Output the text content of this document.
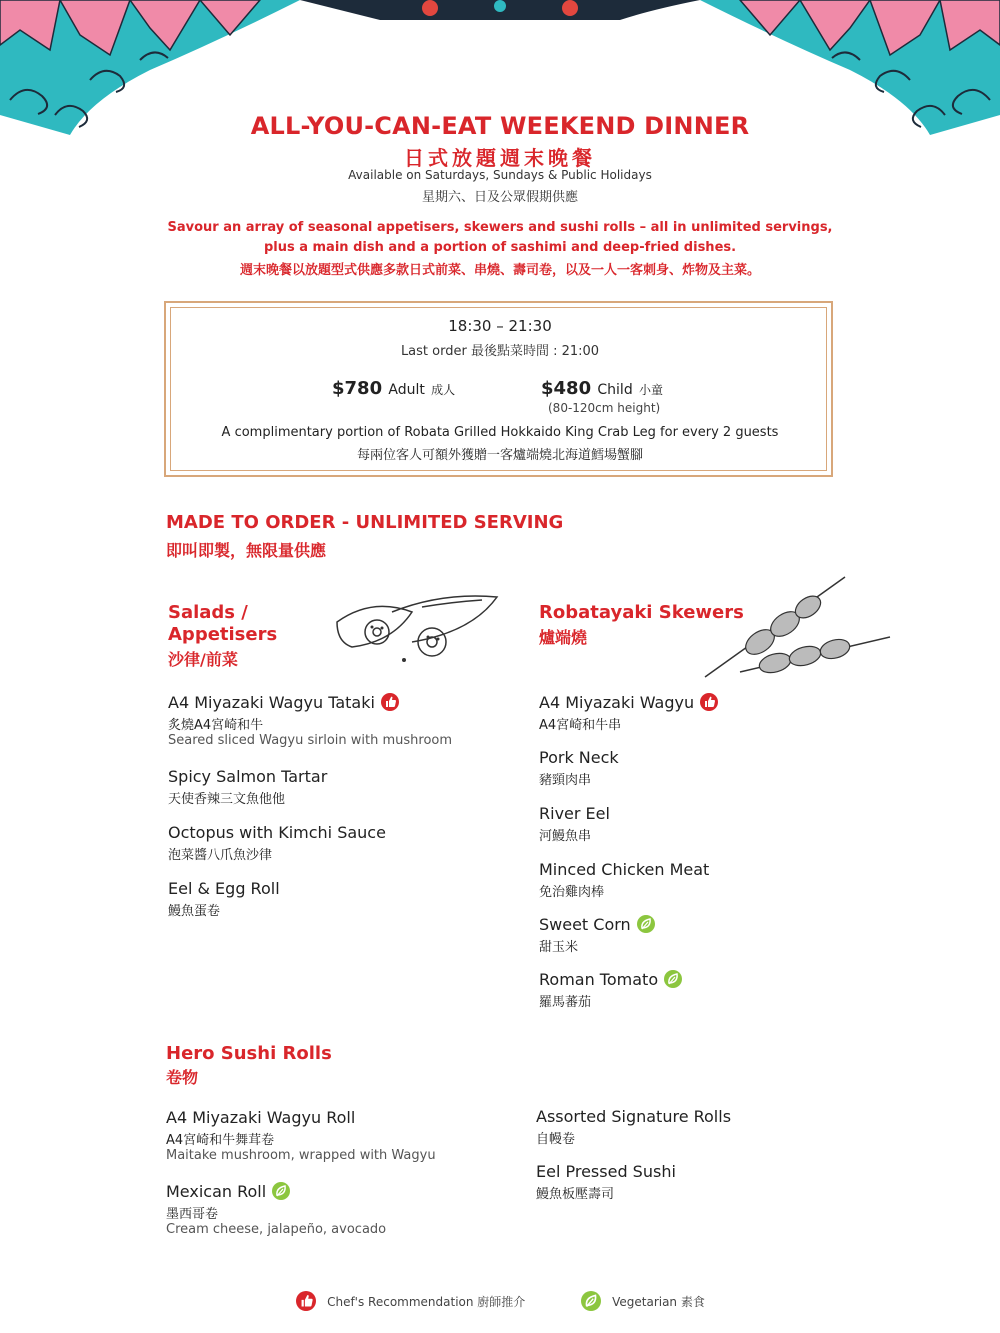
ALL-YOU-CAN-EAT WEEKEND DINNER
日式放題週末晚餐
Available on Saturdays, Sundays & Public Holidays
星期六、日及公眾假期供應
Savour an array of seasonal appetisers, skewers and sushi rolls – all in unlimited servings,
plus a main dish and a portion of sashimi and deep-fried dishes.
週末晚餐以放題型式供應多款日式前菜、串燒、壽司卷，以及一人一客刺身、炸物及主菜。
18:30 – 21:30
Last order 最後點菜時間 : 21:00
$780 Adult 成人	$480 Child 小童
(80-120cm height)
A complimentary portion of Robata Grilled Hokkaido King Crab Leg for every 2 guests
每兩位客人可額外獲贈一客爐端燒北海道鱈場蟹腳
MADE TO ORDER - UNLIMITED SERVING
即叫即製，無限量供應
Salads /
Appetisers
沙律/前菜
A4 Miyazaki Wagyu Tataki
炙燒A4宮崎和牛
Seared sliced Wagyu sirloin with mushroom
Spicy Salmon Tartar
天使香辣三文魚他他
Octopus with Kimchi Sauce
泡菜醬八爪魚沙律
Eel & Egg Roll
鰻魚蛋卷
Robatayaki Skewers
爐端燒
A4 Miyazaki Wagyu
A4宮崎和牛串
Pork Neck
豬頸肉串
River Eel
河鰻魚串
Minced Chicken Meat
免治雞肉棒
Sweet Corn
甜玉米
Roman Tomato
羅馬蕃茄
Hero Sushi Rolls
卷物
A4 Miyazaki Wagyu Roll
A4宮崎和牛舞茸卷
Maitake mushroom, wrapped with Wagyu
Mexican Roll
墨西哥卷
Cream cheese, jalapeño, avocado
Assorted Signature Rolls
自幔卷
Eel Pressed Sushi
鰻魚板壓壽司
Chef's Recommendation 廚師推介	Vegetarian 素食
